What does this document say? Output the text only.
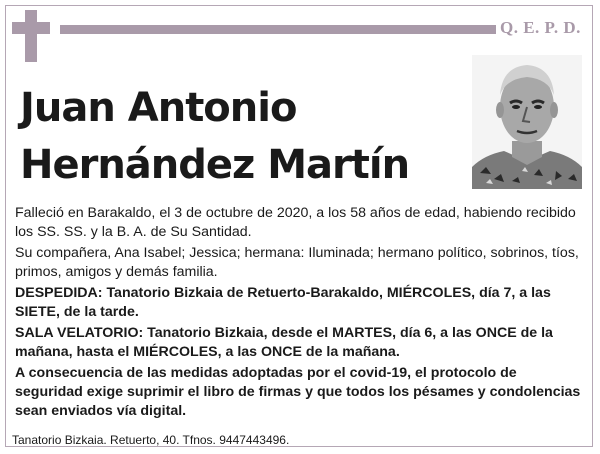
Q. E. P. D.
Juan Antonio
Hernández Martín

Falleció en Barakaldo, el 3 de octubre de 2020, a los 58 años de edad, habiendo recibido los SS. SS. y la B. A. de Su Santidad.

Su compañera, Ana Isabel; Jessica; hermana: Iluminada; hermano político, sobrinos, tíos, primos, amigos y demás familia.

DESPEDIDA: Tanatorio Bizkaia de Retuerto-Barakaldo, MIÉRCOLES, día 7, a las SIETE, de la tarde.

SALA VELATORIO: Tanatorio Bizkaia, desde el MARTES, día 6, a las ONCE de la mañana, hasta el MIÉRCOLES, a las ONCE de la mañana.

A consecuencia de las medidas adoptadas por el covid-19, el protocolo de seguridad exige suprimir el libro de firmas y que todos los pésames y condolencias sean enviados vía digital.

Tanatorio Bizkaia. Retuerto, 40. Tfnos. 9447443496.
